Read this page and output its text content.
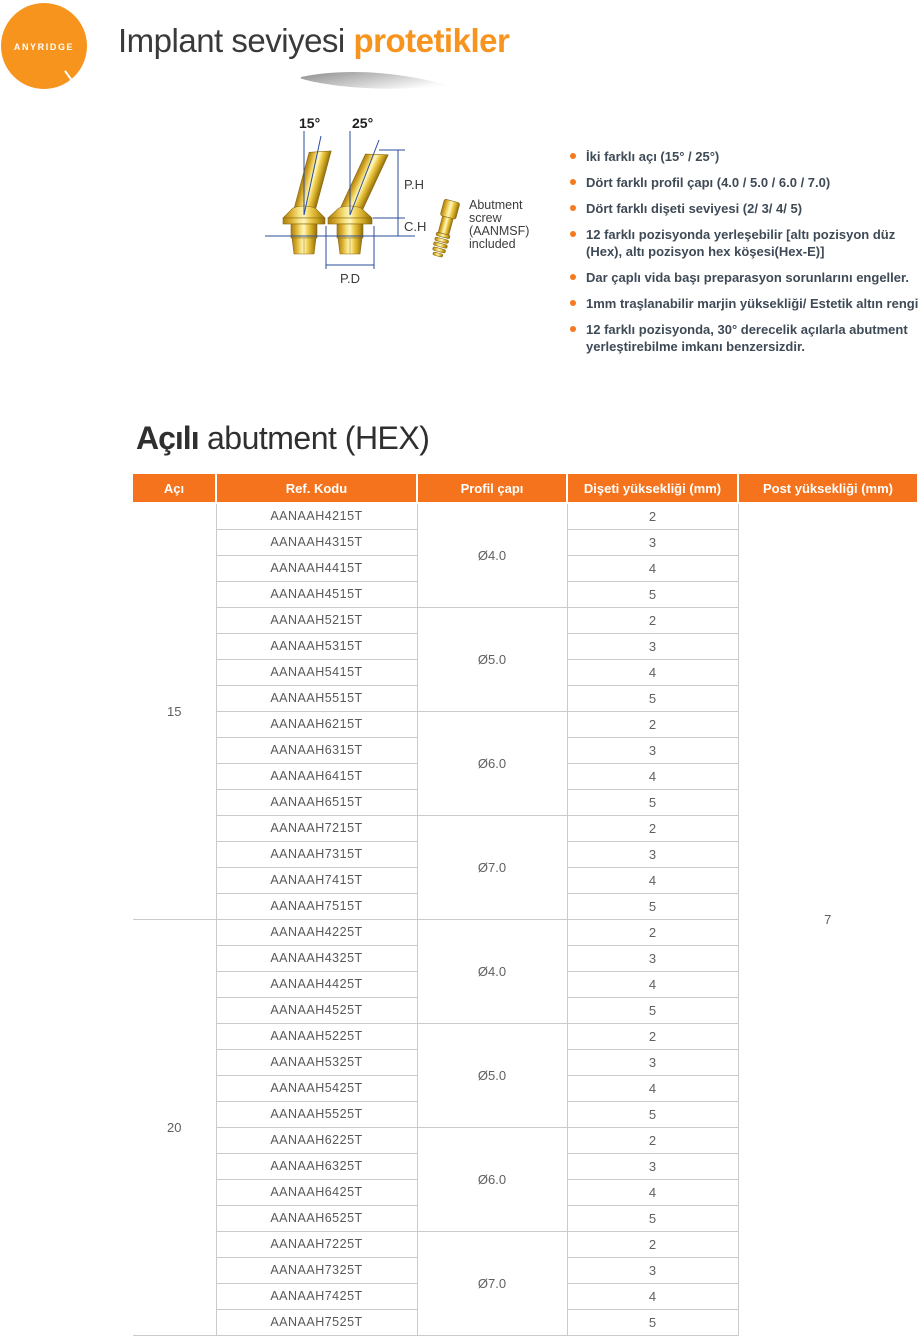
ANYRIDGE Implant seviyesi protetikler
15° 25°
P.H
C.H
P.D
Abutment
screw
(AANMSF)
included
İki farklı açı (15° / 25°)
Dört farklı profil çapı (4.0 / 5.0 / 6.0 / 7.0)
Dört farklı dişeti seviyesi (2/ 3/ 4/ 5)
12 farklı pozisyonda yerleşebilir [altı pozisyon düz (Hex), altı pozisyon hex köşesi(Hex-E)]
Dar çaplı vida başı preparasyon sorunlarını engeller.
1mm traşlanabilir marjin yüksekliği/ Estetik altın rengi
12 farklı pozisyonda, 30° derecelik açılarla abutment yerleştirebilme imkanı benzersizdir.
Açılı abutment (HEX)
Açı	Ref. Kodu	Profil çapı	Dişeti yüksekliği (mm)	Post yüksekliği (mm)
15	AANAAH4215T	Ø4.0	2	7
	AANAAH4315T		3	
	AANAAH4415T		4	
	AANAAH4515T		5	
	AANAAH5215T	Ø5.0	2	
	AANAAH5315T		3	
	AANAAH5415T		4	
	AANAAH5515T		5	
	AANAAH6215T	Ø6.0	2	
	AANAAH6315T		3	
	AANAAH6415T		4	
	AANAAH6515T		5	
	AANAAH7215T	Ø7.0	2	
	AANAAH7315T		3	
	AANAAH7415T		4	
	AANAAH7515T		5	
20	AANAAH4225T	Ø4.0	2	
	AANAAH4325T		3	
	AANAAH4425T		4	
	AANAAH4525T		5	
	AANAAH5225T	Ø5.0	2	
	AANAAH5325T		3	
	AANAAH5425T		4	
	AANAAH5525T		5	
	AANAAH6225T	Ø6.0	2	
	AANAAH6325T		3	
	AANAAH6425T		4	
	AANAAH6525T		5	
	AANAAH7225T	Ø7.0	2	
	AANAAH7325T		3	
	AANAAH7425T		4	
	AANAAH7525T		5	
